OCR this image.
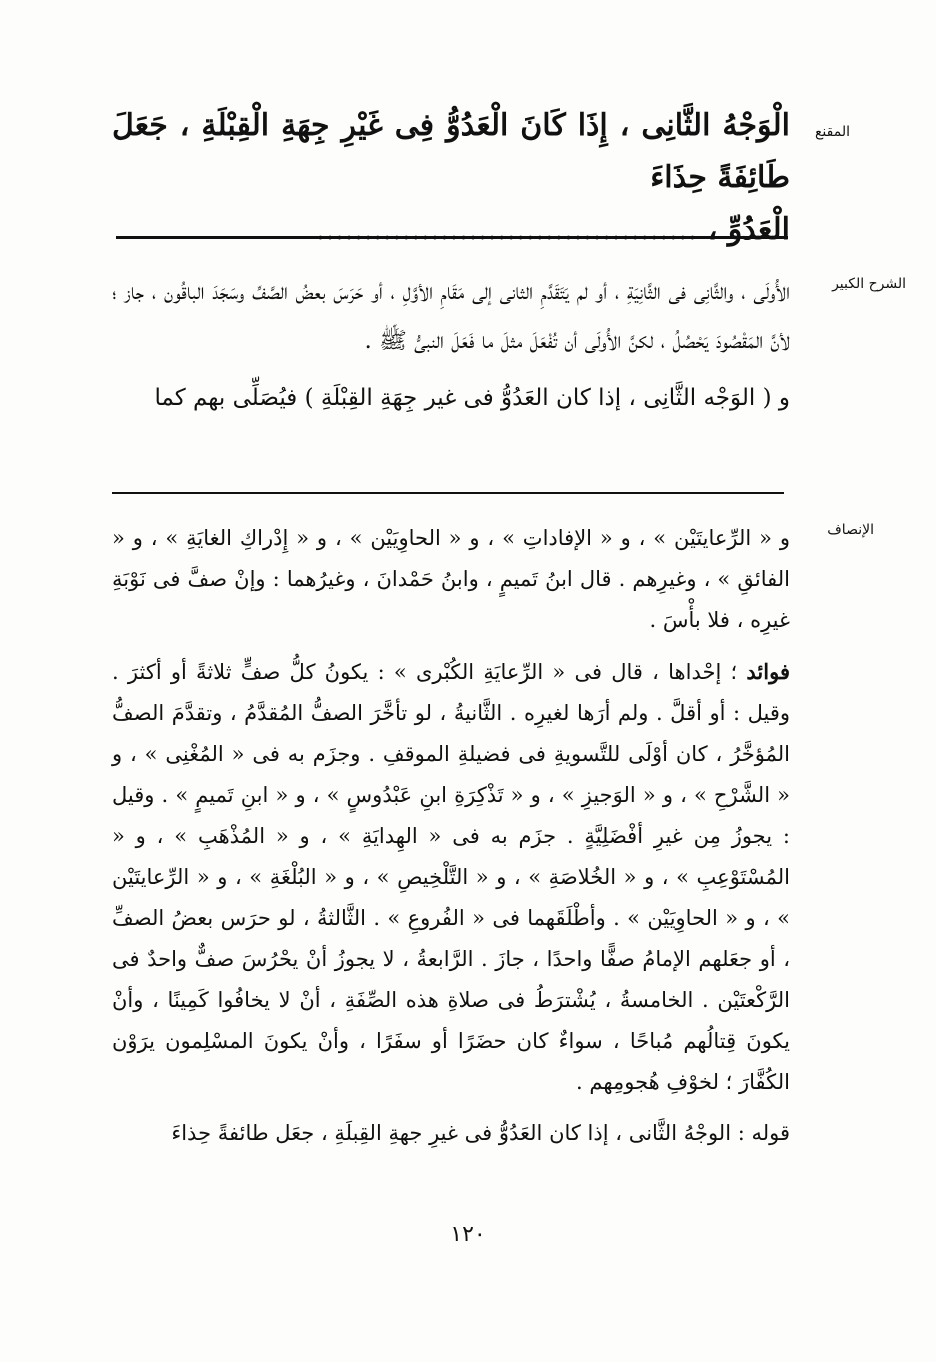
المقنع

الْوَجْهُ الثَّانِى ، إِذَا كَانَ الْعَدُوُّ فِى غَيْرِ جِهَةِ الْقِبْلَةِ ، جَعَلَ طَائِفَةً حِذَاءَ

الْعَدُوِّ ، ........................................

الشرح الكبير

الأُولَى ، والثَّانِى فى الثَّانِيَةِ ، أو لم يَتَقَدَّمِ الثانى إلى مَقَامِ الأوَّلِ ، أو حَرَسَ بعضُ الصَّفِّ وسَجَدَ الباقُون ، جاز ؛ لأنَّ المَقْصُودَ يَحْصُلُ ، لكنَّ الأُولَى أن تُفْعَلَ مثلَ ما فَعَلَ النبىُّ ﷺ .

و ( الوَجْه الثَّانِى ، إذا كان العَدُوُّ فى غير جِهَةِ القِبْلَةِ ) فيُصَلِّى بهم كما

الإنصاف

و « الرِّعايتَيْن » ، و « الإفاداتِ » ، و « الحاوِيَيْن » ، و « إِدْراكِ الغايَةِ » ، و « الفائقِ » ، وغيرِهم . قال ابنُ تَميمٍ ، وابنُ حَمْدانَ ، وغيرُهما : وإنْ صفَّ فى نَوْبَةِ غيرِه ، فلا بأْسَ .

فوائد ؛ إحْداها ، قال فى « الرِّعايَةِ الكُبْرى » : يكونُ كلُّ صفٍّ ثلاثةً أو أكثرَ . وقيل : أو أقلَّ . ولم أرَها لغيرِه . الثَّانيةُ ، لو تأخَّرَ الصفُّ المُقدَّمُ ، وتقدَّمَ الصفُّ المُؤخَّرُ ، كان أوْلَى للتَّسويةِ فى فضيلةِ الموقفِ . وجزَم به فى « المُغْنِى » ، و « الشَّرْحِ » ، و « الوَجيزِ » ، و « تَذْكِرَةِ ابنِ عَبْدُوسٍ » ، و « ابنِ تَميمٍ » . وقيل : يجوزُ مِن غيرِ أفْضَلِيَّةٍ . جزَم به فى « الهِدايَةِ » ، و « المُذْهَبِ » ، و « المُسْتَوْعِبِ » ، و « الخُلاصَةِ » ، و « التَّلْخِيصِ » ، و « البُلْغَةِ » ، و « الرِّعايتَيْن » ، و « الحاوِيَيْن » . وأطْلَقَهما فى « الفُروعِ » . الثَّالثةُ ، لو حرَس بعضُ الصفِّ ، أو جعَلهم الإمامُ صفًّا واحدًا ، جازَ . الرَّابعةُ ، لا يجوزُ أنْ يحْرُسَ صفٌّ واحدٌ فى الرَّكْعتَيْن . الخامسةُ ، يُشْترَطُ فى صلاةِ هذه الصِّفَةِ ، أنْ لا يخافُوا كَمِينًا ، وأنْ يكونَ قِتالُهم مُباحًا ، سواءٌ كان حضَرًا أو سفَرًا ، وأنْ يكونَ المسْلِمون يرَوْن الكُفَّارَ ؛ لخوْفِ هُجومِهم .

قوله : الوجْهُ الثَّانى ، إذا كان العَدُوُّ فى غيرِ جهةِ القِبلَةِ ، جعَل طائفةً حِذاءَ

١٢٠
